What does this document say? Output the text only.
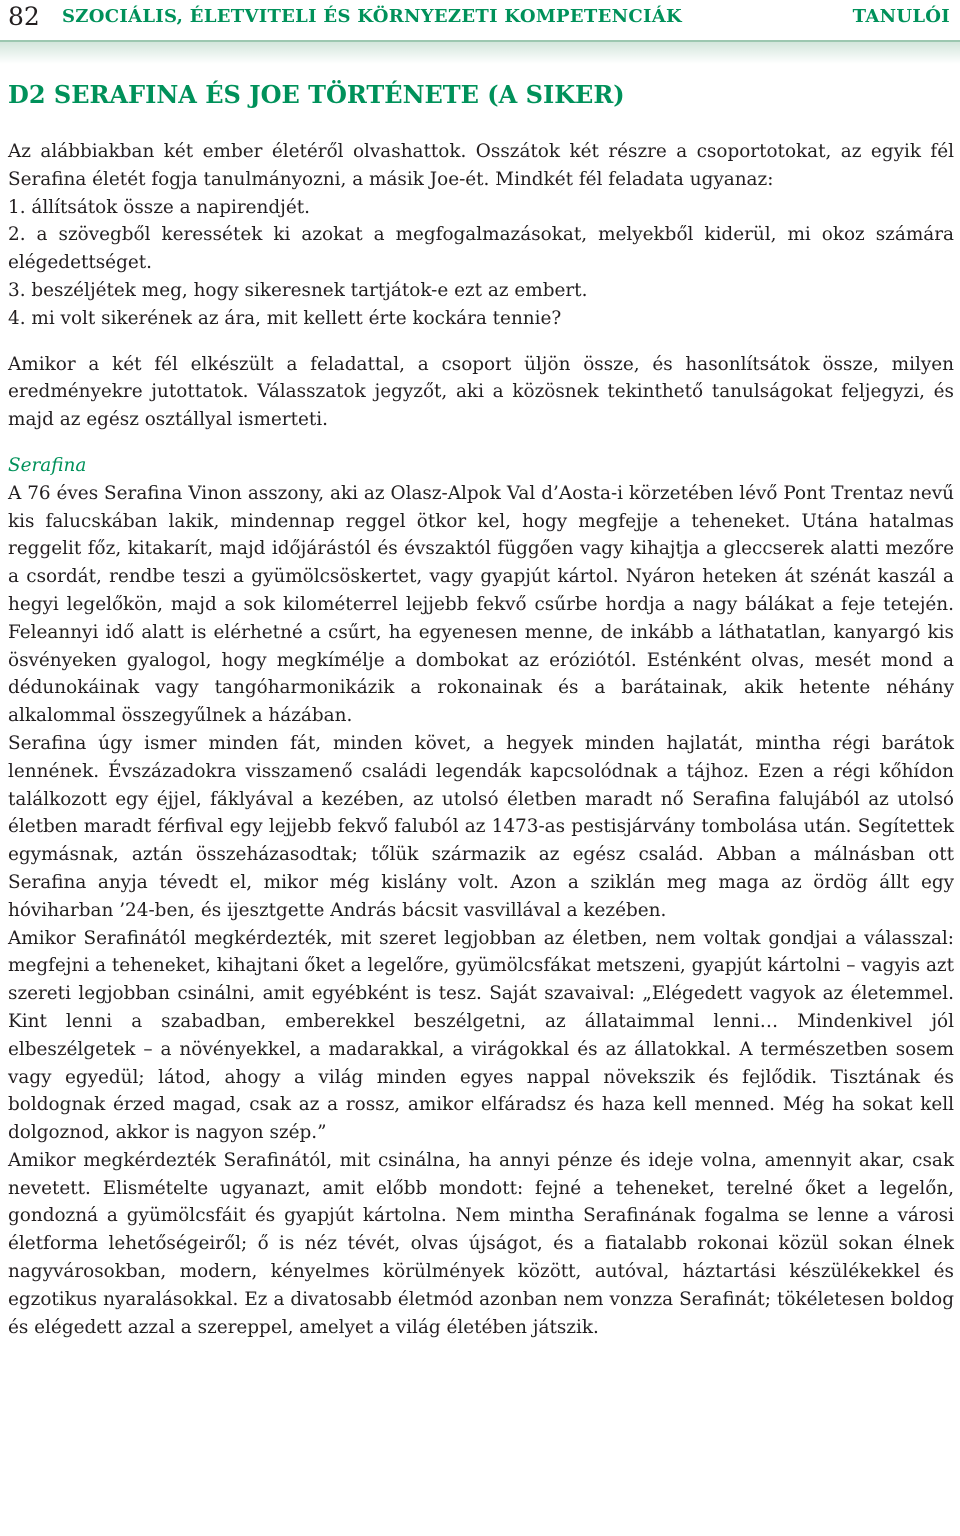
82 SZOCIÁLIS, ÉLETVITELI ÉS KÖRNYEZETI KOMPETENCIÁK	TANULÓI
D2 SERAFINA ÉS JOE TÖRTÉNETE (A SIKER)

Az alábbiakban két ember életéről olvashattok. Osszátok két részre a csoportotokat, az egyik fél Serafina életét fogja tanulmányozni, a másik Joe-ét. Mindkét fél feladata ugyanaz:

1. állítsátok össze a napirendjét.

2. a szövegből keressétek ki azokat a megfogalmazásokat, melyekből kiderül, mi okoz számára elégedettséget.

3. beszéljétek meg, hogy sikeresnek tartjátok-e ezt az embert.

4. mi volt sikerének az ára, mit kellett érte kockára tennie?

Amikor a két fél elkészült a feladattal, a csoport üljön össze, és hasonlítsátok össze, milyen eredményekre jutottatok. Válasszatok jegyzőt, aki a közösnek tekinthető tanulságokat feljegyzi, és majd az egész osztállyal ismerteti.

Serafina

A 76 éves Serafina Vinon asszony, aki az Olasz-Alpok Val d’Aosta-i körzetében lévő Pont Trentaz nevű kis falucskában lakik, mindennap reggel ötkor kel, hogy megfejje a teheneket. Utána hatalmas reggelit főz, kitakarít, majd időjárástól és évszaktól függően vagy kihajtja a gleccserek alatti mezőre a csordát, rendbe teszi a gyümölcsöskertet, vagy gyapjút kártol. Nyáron heteken át szénát kaszál a hegyi legelőkön, majd a sok kilométerrel lejjebb fekvő csűrbe hordja a nagy bálákat a feje tetején. Feleannyi idő alatt is elérhetné a csűrt, ha egyenesen menne, de inkább a láthatatlan, kanyargó kis ösvényeken gyalogol, hogy megkímélje a dombokat az eróziótól. Esténként olvas, mesét mond a dédunokáinak vagy tangóharmonikázik a rokonainak és a barátainak, akik hetente néhány alkalommal összegyűlnek a házában.

Serafina úgy ismer minden fát, minden követ, a hegyek minden hajlatát, mintha régi barátok lennének. Évszázadokra visszamenő családi legendák kapcsolódnak a tájhoz. Ezen a régi kőhídon találkozott egy éjjel, fáklyával a kezében, az utolsó életben maradt nő Serafina falujából az utolsó életben maradt férfival egy lejjebb fekvő faluból az 1473-as pestisjárvány tombolása után. Segítettek egymásnak, aztán összeházasodtak; tőlük származik az egész család. Abban a málnásban ott Serafina anyja tévedt el, mikor még kislány volt. Azon a sziklán meg maga az ördög állt egy hóviharban ’24-ben, és ijesztgette András bácsit vasvillával a kezében.

Amikor Serafinától megkérdezték, mit szeret legjobban az életben, nem voltak gondjai a válasszal: megfejni a teheneket, kihajtani őket a legelőre, gyümölcsfákat metszeni, gyapjút kártolni – vagyis azt szereti legjobban csinálni, amit egyébként is tesz. Saját szavaival: „Elégedett vagyok az életemmel. Kint lenni a szabadban, emberekkel beszélgetni, az állataimmal lenni… Mindenkivel jól elbeszélgetek – a növényekkel, a madarakkal, a virágokkal és az állatokkal. A természetben sosem vagy egyedül; látod, ahogy a világ minden egyes nappal növekszik és fejlődik. Tisztának és boldognak érzed magad, csak az a rossz, amikor elfáradsz és haza kell menned. Még ha sokat kell dolgoznod, akkor is nagyon szép.”

Amikor megkérdezték Serafinától, mit csinálna, ha annyi pénze és ideje volna, amennyit akar, csak nevetett. Elismételte ugyanazt, amit előbb mondott: fejné a teheneket, terelné őket a legelőn, gondozná a gyümölcsfáit és gyapjút kártolna. Nem mintha Serafinának fogalma se lenne a városi életforma lehetőségeiről; ő is néz tévét, olvas újságot, és a fiatalabb rokonai közül sokan élnek nagyvárosokban, modern, kényelmes körülmények között, autóval, háztartási készülékekkel és egzotikus nyaralásokkal. Ez a divatosabb életmód azonban nem vonzza Serafinát; tökéletesen boldog és elégedett azzal a szereppel, amelyet a világ életében játszik.
